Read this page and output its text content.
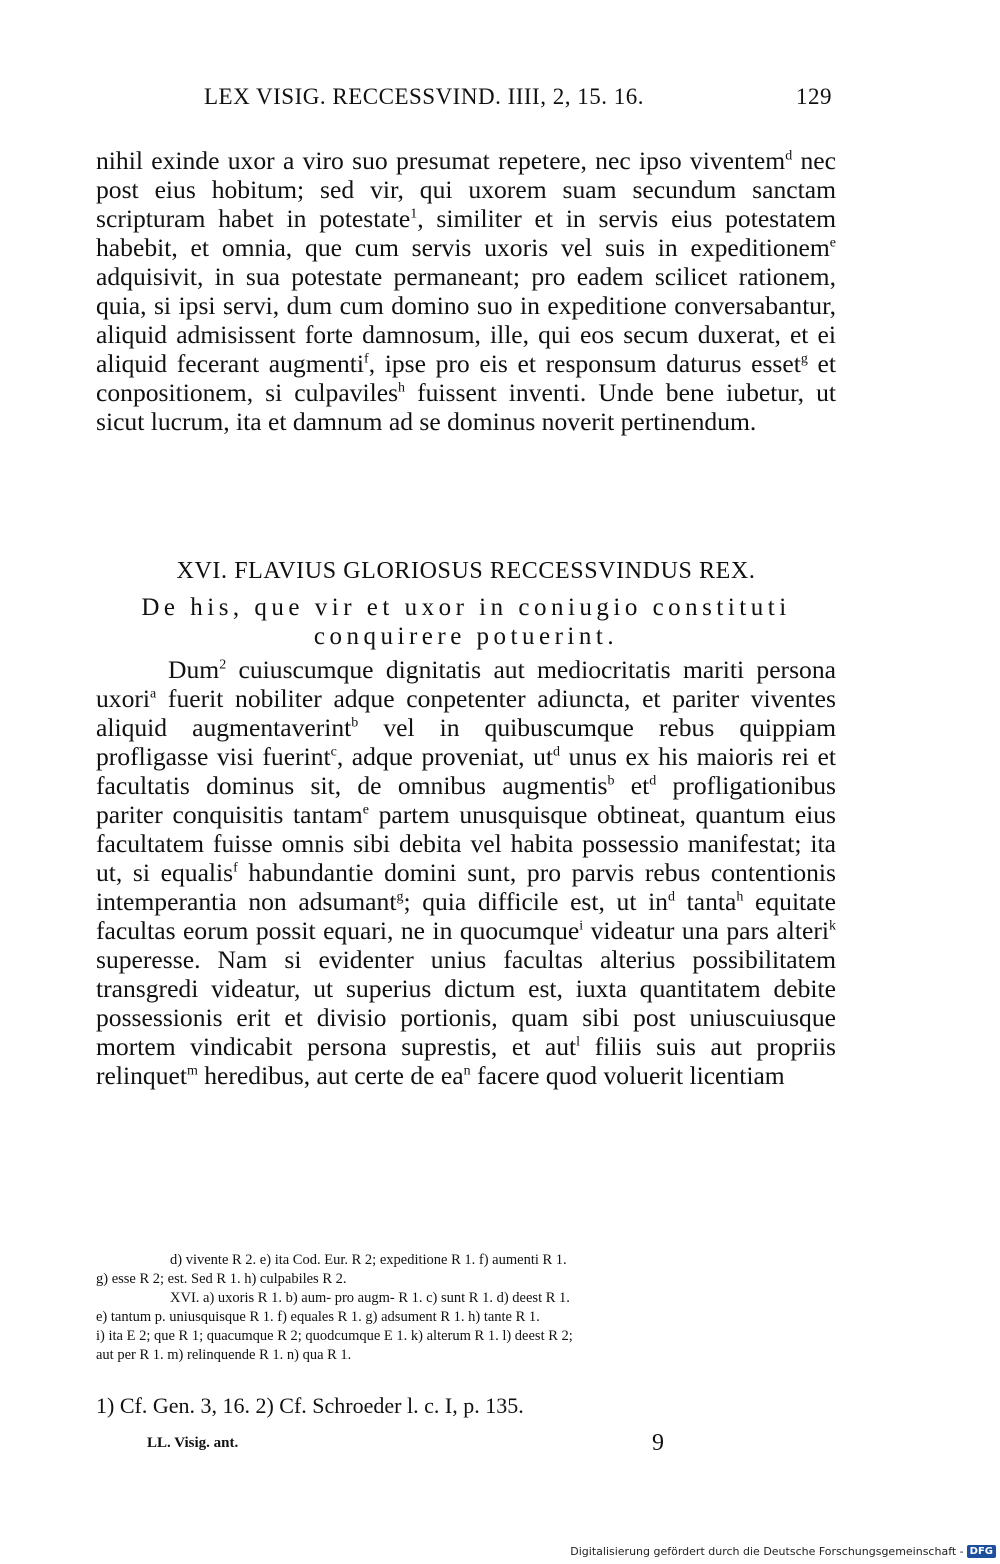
LEX VISIG. RECCESSVIND. IIII, 2, 15. 16.	129
nihil exinde uxor a viro suo presumat repetere, nec ipso viventem$^d$ nec post eius hobitum; sed vir, qui uxorem suam secundum sanctam scripturam habet in potestate$^1$, similiter et in servis eius potestatem habebit, et omnia, que cum servis uxoris vel suis in expeditionem$^e$ adquisivit, in sua potestate permaneant; pro eadem scilicet rationem, quia, si ipsi servi, dum cum domino suo in expeditione conversabantur, aliquid admisissent forte damnosum, ille, qui eos secum duxerat, et ei aliquid fecerant augmenti$^f$, ipse pro eis et responsum daturus esset$^g$ et conpositionem, si culpaviles$^h$ fuissent inventi. Unde bene iubetur, ut sicut lucrum, ita et damnum ad se dominus noverit pertinendum.
XVI. FLAVIUS GLORIOSUS RECCESSVINDUS REX.
De his, que vir et uxor in coniugio constituti conquirere potuerint.
Dum$^2$ cuiuscumque dignitatis aut mediocritatis mariti persona uxori$^a$ fuerit nobiliter adque conpetenter adiuncta, et pariter viventes aliquid augmentaverint$^b$ vel in quibuscumque rebus quippiam profligasse visi fuerint$^c$, adque proveniat, $ut^d$ unus ex his maioris rei et facultatis dominus sit, de omnibus augmentis$^b$ $et^d$ profligationibus pariter conquisitis tantam$^e$ partem unusquisque obtineat, quantum eius facultatem fuisse omnis sibi debita vel habita possessio manifestat; ita ut, si equalis$^f$ habundantie domini sunt, pro parvis rebus contentionis intemperantia non adsumant$^g$; quia difficile est, ut $in^d$ tanta$^h$ equitate facultas eorum possit equari, ne in quocumque$^i$ videatur una pars alteri$^k$ superesse. Nam si evidenter unius facultas alterius possibilitatem transgredi videatur, ut superius dictum est, iuxta quantitatem debite possessionis erit et divisio portionis, quam sibi post uniuscuiusque mortem vindicabit persona suprestis, et aut$^l$ filiis suis aut propriis relinquet$^m$ heredibus, aut certe de $ea^n$ facere quod voluerit licentiam
d) vivente R 2. e) ita Cod. Eur. R 2; expeditione R 1. f) aumenti R 1.
g) esse R 2; est. Sed R 1. h) culpabiles R 2.
XVI. a) uxoris R 1. b) aum- pro augm- R 1. c) sunt R 1. d) deest R 1.
e) tantum p. uniusquisque R 1. f) equales R 1. g) adsument R 1. h) tante R 1.
i) ita E 2; que R 1; quacumque R 2; quodcumque E 1. k) alterum R 1. l) deest R 2;
aut per R 1. m) relinquende R 1. n) qua R 1.
1) Cf. Gen. 3, 16. 2) Cf. Schroeder l. c. I, p. 135.
LL. Visig. ant.	9
Digitalisierung gefördert durch die Deutsche Forschungsgemeinschaft - DFG
